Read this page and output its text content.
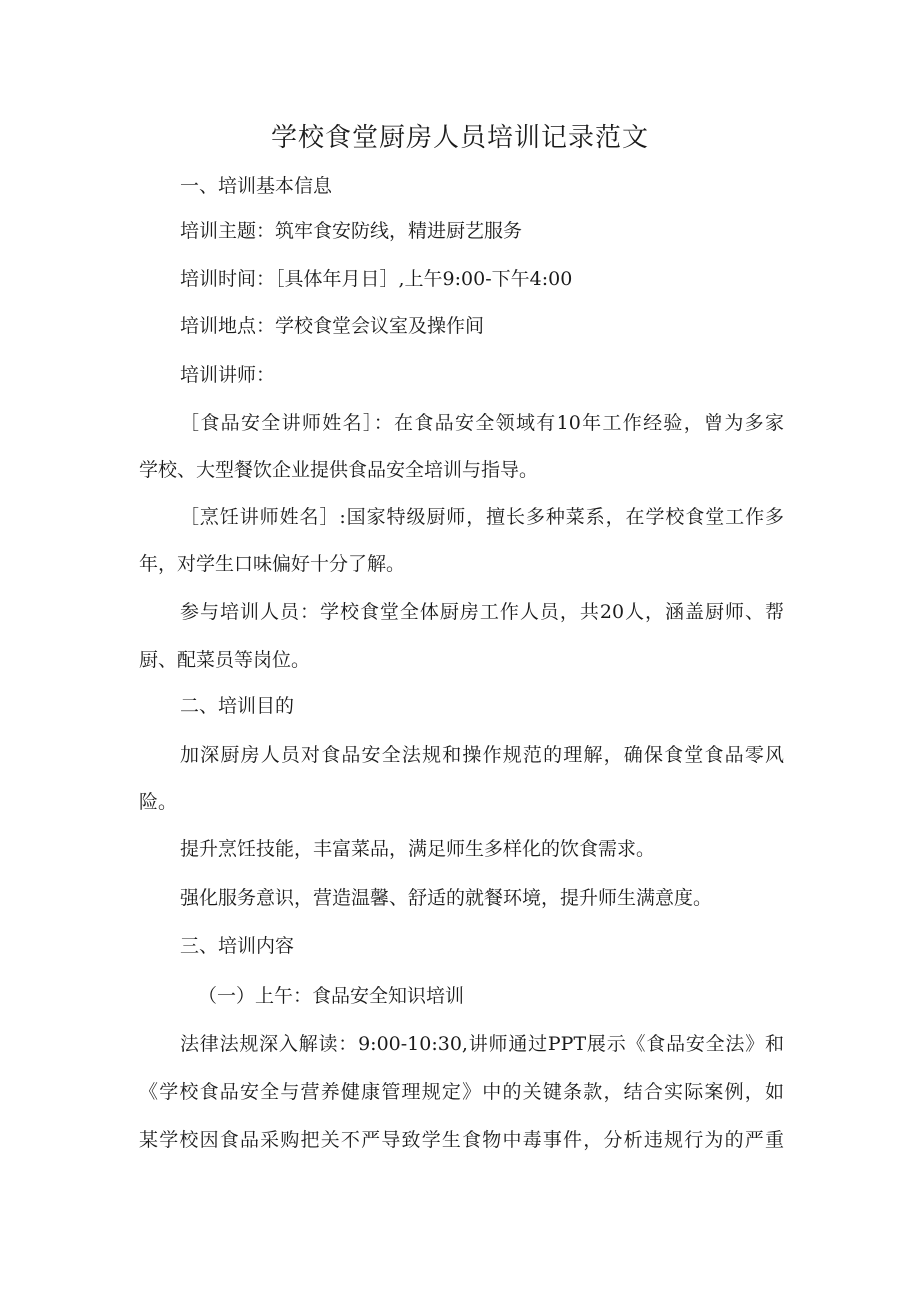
学校食堂厨房人员培训记录范文
一、培训基本信息
培训主题：筑牢食安防线，精进厨艺服务
培训时间：［具体年月日］,上午9:00-下午4:00
培训地点：学校食堂会议室及操作间
培训讲师：
［食品安全讲师姓名］：在食品安全领域有10年工作经验，曾为多家
学校、大型餐饮企业提供食品安全培训与指导。
［烹饪讲师姓名］:国家特级厨师，擅长多种菜系，在学校食堂工作多
年，对学生口味偏好十分了解。
参与培训人员：学校食堂全体厨房工作人员，共20人，涵盖厨师、帮
厨、配菜员等岗位。
二、培训目的
加深厨房人员对食品安全法规和操作规范的理解，确保食堂食品零风
险。
提升烹饪技能，丰富菜品，满足师生多样化的饮食需求。
强化服务意识，营造温馨、舒适的就餐环境，提升师生满意度。
三、培训内容
（一）上午：食品安全知识培训
法律法规深入解读：9:00-10:30,讲师通过PPT展示《食品安全法》和
《学校食品安全与营养健康管理规定》中的关键条款，结合实际案例，如
某学校因食品采购把关不严导致学生食物中毒事件，分析违规行为的严重
